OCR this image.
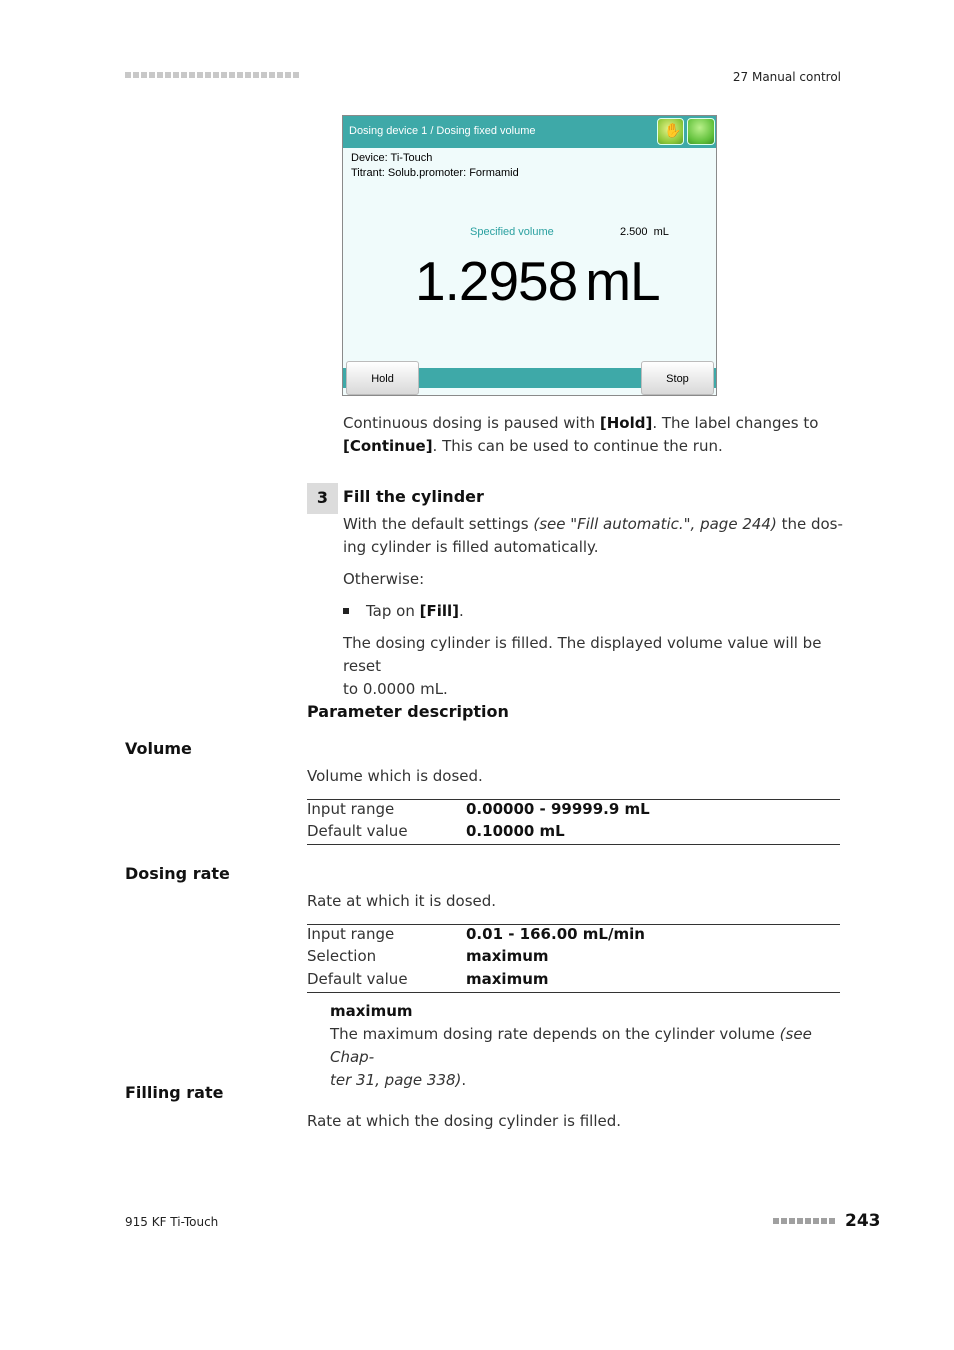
27 Manual control
Dosing device 1 / Dosing fixed volume	✋
Device: Ti-Touch
Titrant: Solub.promoter: Formamid
Specified volume	2.500  mL
1.2958 mL
Hold	Stop
Continuous dosing is paused with [Hold]. The label changes to
[Continue]. This can be used to continue the run.
3 Fill the cylinder
With the default settings (see "Fill automatic.", page 244) the dos-
ing cylinder is filled automatically.
Otherwise:
Tap on [Fill].
The dosing cylinder is filled. The displayed volume value will be reset
to 0.0000 mL.
Parameter description
Volume
Volume which is dosed.
Input range	0.00000 - 99999.9 mL
Default value	0.10000 mL
Dosing rate
Rate at which it is dosed.
Input range	0.01 - 166.00 mL/min
Selection	maximum
Default value	maximum
maximum
The maximum dosing rate depends on the cylinder volume (see Chap-
ter 31, page 338).
Filling rate
Rate at which the dosing cylinder is filled.
915 KF Ti-Touch	243
